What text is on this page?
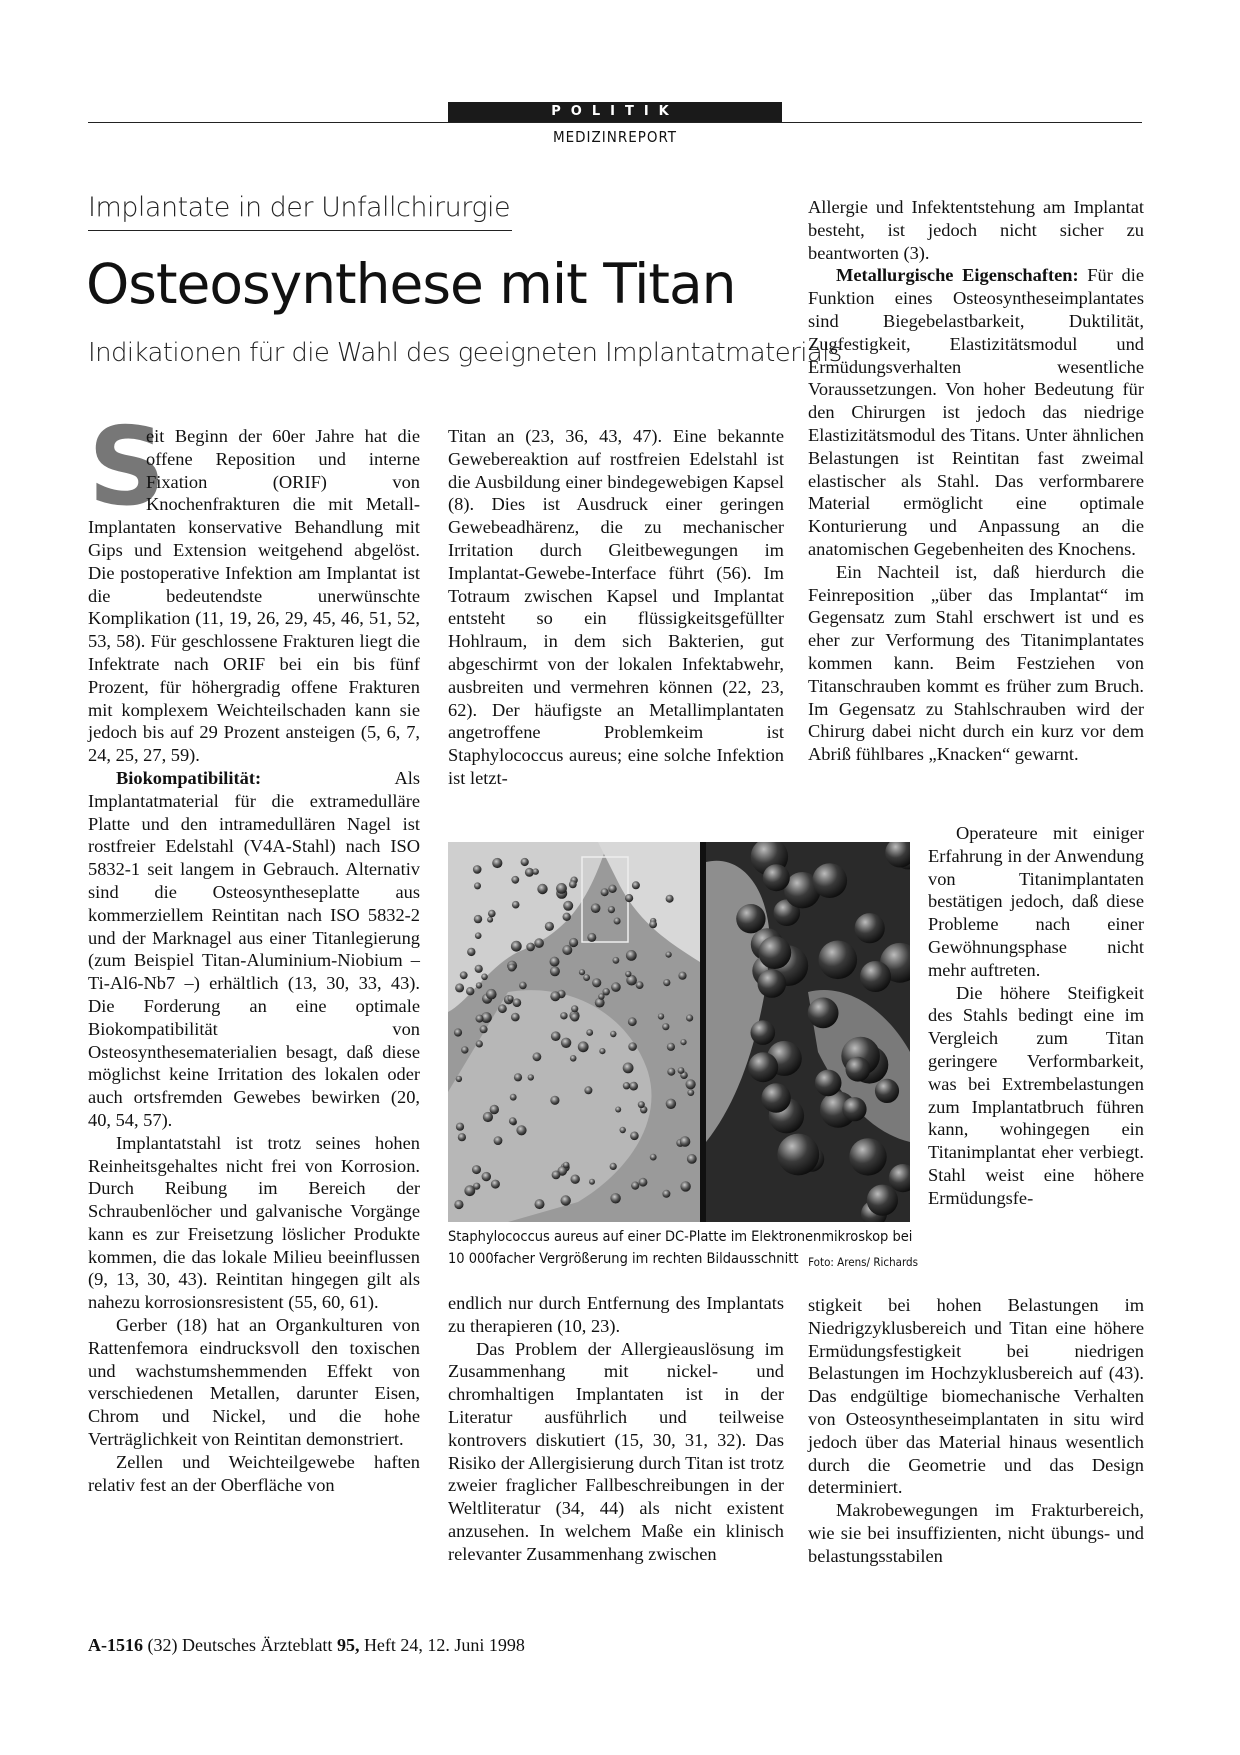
POLITIK
MEDIZINREPORT
Implantate in der Unfallchirurgie
Osteosynthese mit Titan
Indikationen für die Wahl des geeigneten Implantatmaterials

S
eit Beginn der 60er Jahre hat die offene Reposition und interne Fixation (ORIF) von Knochenfrakturen die mit Metall-Implantaten konservative Behandlung mit Gips und Extension weitgehend abgelöst. Die postoperative Infektion am Implantat ist die bedeutendste unerwünschte Komplikation (11, 19, 26, 29, 45, 46, 51, 52, 53, 58). Für geschlossene Frakturen liegt die Infektrate nach ORIF bei ein bis fünf Prozent, für höhergradig offene Frakturen mit komplexem Weichteilschaden kann sie jedoch bis auf 29 Prozent ansteigen (5, 6, 7, 24, 25, 27, 59).

Biokompatibilität: Als Implantatmaterial für die extramedulläre Platte und den intramedullären Nagel ist rostfreier Edelstahl (V4A-Stahl) nach ISO 5832-1 seit langem in Gebrauch. Alternativ sind die Osteosyntheseplatte aus kommerziellem Reintitan nach ISO 5832-2 und der Marknagel aus einer Titanlegierung (zum Beispiel Titan-Aluminium-Niobium – Ti-Al6-Nb7 –) erhältlich (13, 30, 33, 43). Die Forderung an eine optimale Biokompatibilität von Osteosynthesematerialien besagt, daß diese möglichst keine Irritation des lokalen oder auch ortsfremden Gewebes bewirken (20, 40, 54, 57).

Implantatstahl ist trotz seines hohen Reinheitsgehaltes nicht frei von Korrosion. Durch Reibung im Bereich der Schraubenlöcher und galvanische Vorgänge kann es zur Freisetzung löslicher Produkte kommen, die das lokale Milieu beeinflussen (9, 13, 30, 43). Reintitan hingegen gilt als nahezu korrosionsresistent (55, 60, 61).

Gerber (18) hat an Organkulturen von Rattenfemora eindrucksvoll den toxischen und wachstumshemmenden Effekt von verschiedenen Metallen, darunter Eisen, Chrom und Nickel, und die hohe Verträglichkeit von Reintitan demonstriert.

Zellen und Weichteilgewebe haften relativ fest an der Oberfläche von

Titan an (23, 36, 43, 47). Eine bekannte Gewebereaktion auf rostfreien Edelstahl ist die Ausbildung einer bindegewebigen Kapsel (8). Dies ist Ausdruck einer geringen Gewebeadhärenz, die zu mechanischer Irritation durch Gleitbewegungen im Implantat-Gewebe-Interface führt (56). Im Totraum zwischen Kapsel und Implantat entsteht so ein flüssigkeitsgefüllter Hohlraum, in dem sich Bakterien, gut abgeschirmt von der lokalen Infektabwehr, ausbreiten und vermehren können (22, 23, 62). Der häufigste an Metallimplantaten angetroffene Problemkeim ist Staphylococcus aureus; eine solche Infektion ist letzt-

Staphylococcus aureus auf einer DC-Platte im Elektronenmikroskop bei 10 000facher Vergrößerung im rechten Bildausschnitt Foto: Arens/ Richards

endlich nur durch Entfernung des Implantats zu therapieren (10, 23).

Das Problem der Allergieauslösung im Zusammenhang mit nickel- und chromhaltigen Implantaten ist in der Literatur ausführlich und teilweise kontrovers diskutiert (15, 30, 31, 32). Das Risiko der Allergisierung durch Titan ist trotz zweier fraglicher Fallbeschreibungen in der Weltliteratur (34, 44) als nicht existent anzusehen. In welchem Maße ein klinisch relevanter Zusammenhang zwischen

Allergie und Infektentstehung am Implantat besteht, ist jedoch nicht sicher zu beantworten (3).

Metallurgische Eigenschaften: Für die Funktion eines Osteosyntheseimplantates sind Biegebelastbarkeit, Duktilität, Zugfestigkeit, Elastizitätsmodul und Ermüdungsverhalten wesentliche Voraussetzungen. Von hoher Bedeutung für den Chirurgen ist jedoch das niedrige Elastizitätsmodul des Titans. Unter ähnlichen Belastungen ist Reintitan fast zweimal elastischer als Stahl. Das verformbarere Material ermöglicht eine optimale Konturierung und Anpassung an die anatomischen Gegebenheiten des Knochens.

Ein Nachteil ist, daß hierdurch die Feinreposition „über das Implantat“ im Gegensatz zum Stahl erschwert ist und es eher zur Verformung des Titanimplantates kommen kann. Beim Festziehen von Titanschrauben kommt es früher zum Bruch. Im Gegensatz zu Stahlschrauben wird der Chirurg dabei nicht durch ein kurz vor dem Abriß fühlbares „Knacken“ gewarnt.

Operateure mit einiger Erfahrung in der Anwendung von Titanimplantaten bestätigen jedoch, daß diese Probleme nach einer Gewöhnungsphase nicht mehr auftreten.

Die höhere Steifigkeit des Stahls bedingt eine im Vergleich zum Titan geringere Verformbarkeit, was bei Extrembelastungen zum Implantatbruch führen kann, wohingegen ein Titanimplantat eher verbiegt. Stahl weist eine höhere Ermüdungsfe-

stigkeit bei hohen Belastungen im Niedrigzyklusbereich und Titan eine höhere Ermüdungsfestigkeit bei niedrigen Belastungen im Hochzyklusbereich auf (43). Das endgültige biomechanische Verhalten von Osteosyntheseimplantaten in situ wird jedoch über das Material hinaus wesentlich durch die Geometrie und das Design determiniert.

Makrobewegungen im Frakturbereich, wie sie bei insuffizienten, nicht übungs- und belastungsstabilen

A-1516 (32) Deutsches Ärzteblatt 95, Heft 24, 12. Juni 1998
